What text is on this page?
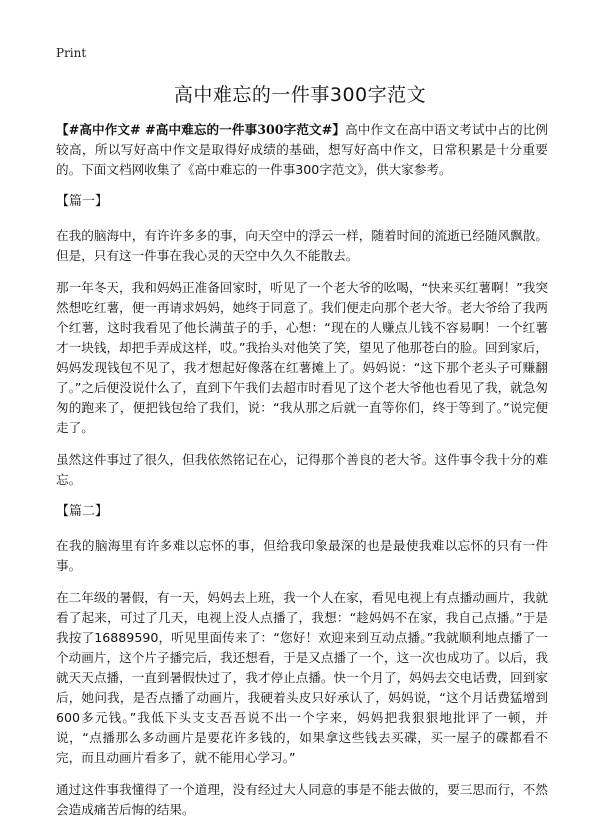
Print
高中难忘的一件事300字范文

【#高中作文# #高中难忘的一件事300字范文#】高中作文在高中语文考试中占的比例较高，所以写好高中作文是取得好成绩的基础，想写好高中作文，日常积累是十分重要的。下面文档网收集了《高中难忘的一件事300字范文》，供大家参考。

【篇一】

在我的脑海中，有许许多多的事，向天空中的浮云一样，随着时间的流逝已经随风飘散。但是，只有这一件事在我心灵的天空中久久不能散去。

那一年冬天，我和妈妈正准备回家时，听见了一个老大爷的吆喝，“快来买红薯啊！”我突然想吃红薯，便一再请求妈妈，她终于同意了。我们便走向那个老大爷。老大爷给了我两个红薯，这时我看见了他长满茧子的手，心想：“现在的人赚点儿钱不容易啊！一个红薯才一块钱，却把手弄成这样，哎。”我抬头对他笑了笑，望见了他那苍白的脸。回到家后，妈妈发现钱包不见了，我才想起好像落在红薯摊上了。妈妈说：“这下那个老头子可赚翻了。”之后便没说什么了，直到下午我们去超市时看见了这个老大爷他也看见了我，就急匆匆的跑来了，便把钱包给了我们，说：“我从那之后就一直等你们，终于等到了。”说完便走了。

虽然这件事过了很久，但我依然铭记在心，记得那个善良的老大爷。这件事令我十分的难忘。

【篇二】

在我的脑海里有许多难以忘怀的事，但给我印象最深的也是最使我难以忘怀的只有一件事。

在二年级的暑假，有一天，妈妈去上班，我一个人在家，看见电视上有点播动画片，我就看了起来，可过了几天，电视上没人点播了，我想：“趁妈妈不在家，我自己点播。”于是我按了16889590，听见里面传来了：“您好！欢迎来到互动点播。”我就顺利地点播了一个动画片，这个片子播完后，我还想看，于是又点播了一个，这一次也成功了。以后，我就天天点播，一直到暑假快过了，我才停止点播。快一个月了，妈妈去交电话费，回到家后，她问我，是否点播了动画片，我硬着头皮只好承认了，妈妈说，“这个月话费猛增到600多元钱。”我低下头支支吾吾说不出一个字来，妈妈把我狠狠地批评了一顿，并说，“点播那么多动画片是要花许多钱的，如果拿这些钱去买碟，买一屋子的碟都看不完，而且动画片看多了，就不能用心学习。”

通过这件事我懂得了一个道理，没有经过大人同意的事是不能去做的，要三思而行，不然会造成痛苦后悔的结果。
